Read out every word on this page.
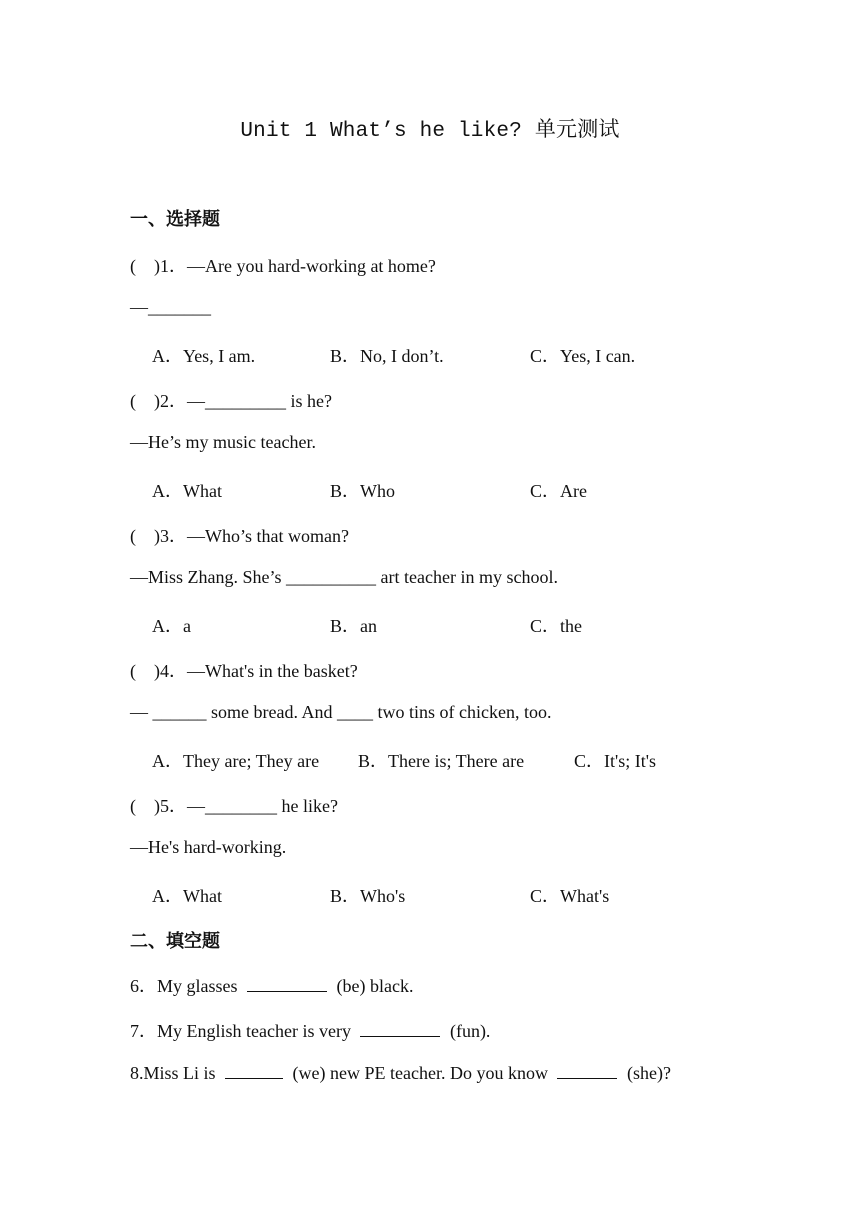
Unit 1 What’s he like? 单元测试
一、选择题
(    )1．—Are you hard-working at home?
—_______
A．Yes, I am.	B．No, I don’t.	C．Yes, I can.
(    )2．—_________ is he?
—He’s my music teacher.
A．What	B．Who	C．Are
(    )3．—Who’s that woman?
—Miss Zhang. She’s __________ art teacher in my school.
A．a	B．an	C．the
(    )4．—What's in the basket?
— ______ some bread. And ____ two tins of chicken, too.
A．They are; They are B．There is; There are	C．It's; It's
(    )5．—________ he like?
—He's hard-working.
A．What	B．Who's	C．What's
二、填空题
6．My glasses	(be) black.
7．My English teacher is very	(fun).
8.Miss Li is	(we) new PE teacher. Do you know	(she)?
